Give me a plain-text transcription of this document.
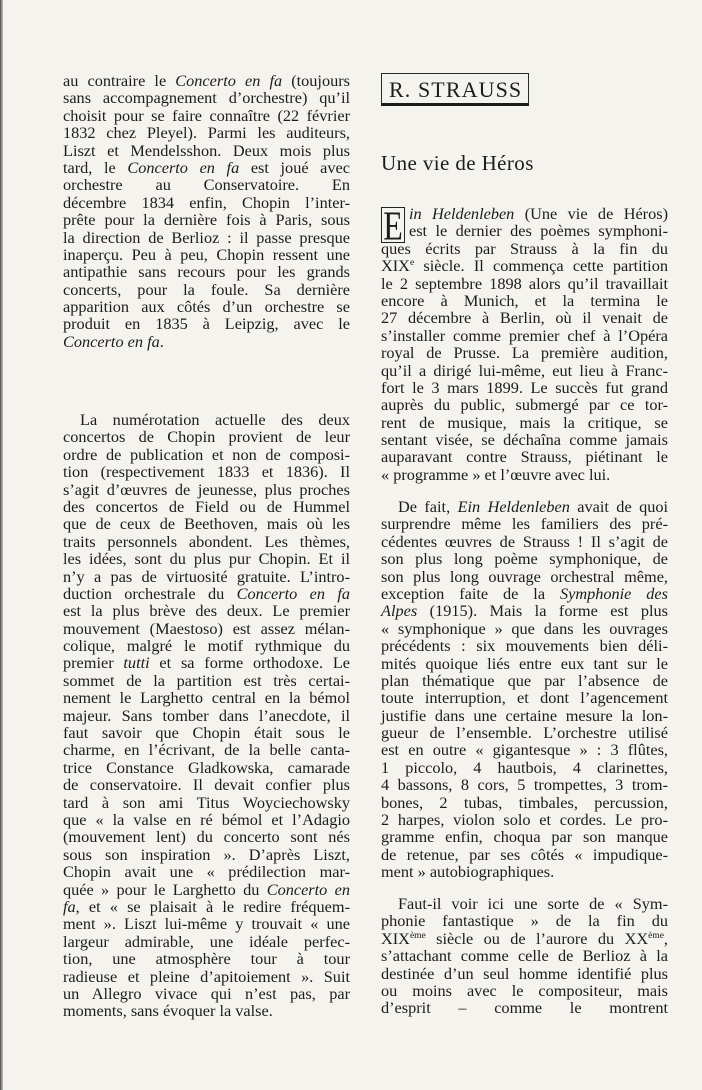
au contraire le Concerto en fa (toujours
sans accompagnement d’orchestre) qu’il
choisit pour se faire connaître (22 février
1832 chez Pleyel). Parmi les auditeurs,
Liszt et Mendelsshon. Deux mois plus
tard, le Concerto en fa est joué avec
orchestre au Conservatoire. En
décembre 1834 enfin, Chopin l’inter-
prête pour la dernière fois à Paris, sous
la direction de Berlioz : il passe presque
inaperçu. Peu à peu, Chopin ressent une
antipathie sans recours pour les grands
concerts, pour la foule. Sa dernière
apparition aux côtés d’un orchestre se
produit en 1835 à Leipzig, avec le
Concerto en fa.
La numérotation actuelle des deux
concertos de Chopin provient de leur
ordre de publication et non de composi-
tion (respectivement 1833 et 1836). Il
s’agit d’œuvres de jeunesse, plus proches
des concertos de Field ou de Hummel
que de ceux de Beethoven, mais où les
traits personnels abondent. Les thèmes,
les idées, sont du plus pur Chopin. Et il
n’y a pas de virtuosité gratuite. L’intro-
duction orchestrale du Concerto en fa
est la plus brève des deux. Le premier
mouvement (Maestoso) est assez mélan-
colique, malgré le motif rythmique du
premier tutti et sa forme orthodoxe. Le
sommet de la partition est très certai-
nement le Larghetto central en la bémol
majeur. Sans tomber dans l’anecdote, il
faut savoir que Chopin était sous le
charme, en l’écrivant, de la belle canta-
trice Constance Gladkowska, camarade
de conservatoire. Il devait confier plus
tard à son ami Titus Woyciechowsky
que « la valse en ré bémol et l’Adagio
(mouvement lent) du concerto sont nés
sous son inspiration ». D’après Liszt,
Chopin avait une « prédilection mar-
quée » pour le Larghetto du Concerto en
fa, et « se plaisait à le redire fréquem-
ment ». Liszt lui-même y trouvait « une
largeur admirable, une idéale perfec-
tion, une atmosphère tour à tour
radieuse et pleine d’apitoiement ». Suit
un Allegro vivace qui n’est pas, par
moments, sans évoquer la valse.
R. STRAUSS
Une vie de Héros
E in Heldenleben (Une vie de Héros)
est le dernier des poèmes symphoni-
ques écrits par Strauss à la fin du
XIXe siècle. Il commença cette partition
le 2 septembre 1898 alors qu’il travaillait
encore à Munich, et la termina le
27 décembre à Berlin, où il venait de
s’installer comme premier chef à l’Opéra
royal de Prusse. La première audition,
qu’il a dirigé lui-même, eut lieu à Franc-
fort le 3 mars 1899. Le succès fut grand
auprès du public, submergé par ce tor-
rent de musique, mais la critique, se
sentant visée, se déchaîna comme jamais
auparavant contre Strauss, piétinant le
« programme » et l’œuvre avec lui.
De fait, Ein Heldenleben avait de quoi
surprendre même les familiers des pré-
cédentes œuvres de Strauss ! Il s’agit de
son plus long poème symphonique, de
son plus long ouvrage orchestral même,
exception faite de la Symphonie des
Alpes (1915). Mais la forme est plus
« symphonique » que dans les ouvrages
précédents : six mouvements bien déli-
mités quoique liés entre eux tant sur le
plan thématique que par l’absence de
toute interruption, et dont l’agencement
justifie dans une certaine mesure la lon-
gueur de l’ensemble. L’orchestre utilisé
est en outre « gigantesque » : 3 flûtes,
1 piccolo, 4 hautbois, 4 clarinettes,
4 bassons, 8 cors, 5 trompettes, 3 trom-
bones, 2 tubas, timbales, percussion,
2 harpes, violon solo et cordes. Le pro-
gramme enfin, choqua par son manque
de retenue, par ses côtés « impudique-
ment » autobiographiques.
Faut-il voir ici une sorte de « Sym-
phonie fantastique » de la fin du
XIXème siècle ou de l’aurore du XXème,
s’attachant comme celle de Berlioz à la
destinée d’un seul homme identifié plus
ou moins avec le compositeur, mais
d’esprit – comme le montrent
